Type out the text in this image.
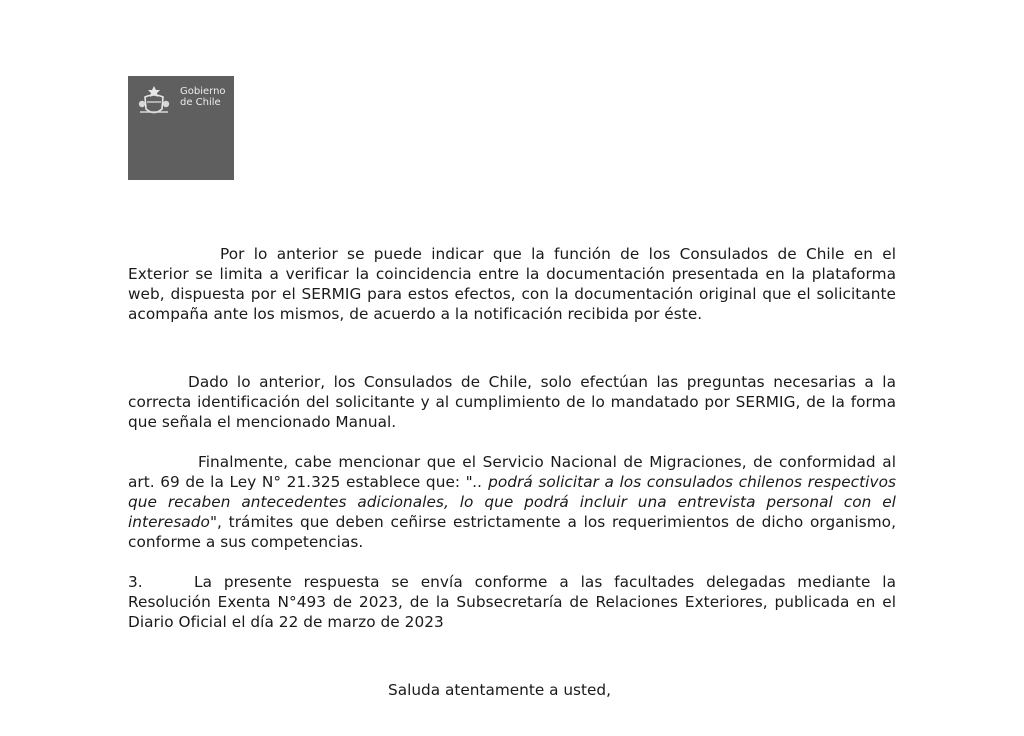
Gobierno
de Chile

Por lo anterior se puede indicar que la función de los Consulados de Chile en el Exterior se limita a verificar la coincidencia entre la documentación presentada en la plataforma web, dispuesta por el SERMIG para estos efectos, con la documentación original que el solicitante acompaña ante los mismos, de acuerdo a la notificación recibida por éste.

Dado lo anterior, los Consulados de Chile, solo efectúan las preguntas necesarias a la correcta identificación del solicitante y al cumplimiento de lo mandatado por SERMIG, de la forma que señala el mencionado Manual.

Finalmente, cabe mencionar que el Servicio Nacional de Migraciones, de conformidad al art. 69 de la Ley N° 21.325 establece que: ".. podrá solicitar a los consulados chilenos respectivos que recaben antecedentes adicionales, lo que podrá incluir una entrevista personal con el interesado", trámites que deben ceñirse estrictamente a los requerimientos de dicho organismo, conforme a sus competencias.

3.	La presente respuesta se envía conforme a las facultades delegadas mediante la Resolución Exenta N°493 de 2023, de la Subsecretaría de Relaciones Exteriores, publicada en el Diario Oficial el día 22 de marzo de 2023

Saluda atentamente a usted,
